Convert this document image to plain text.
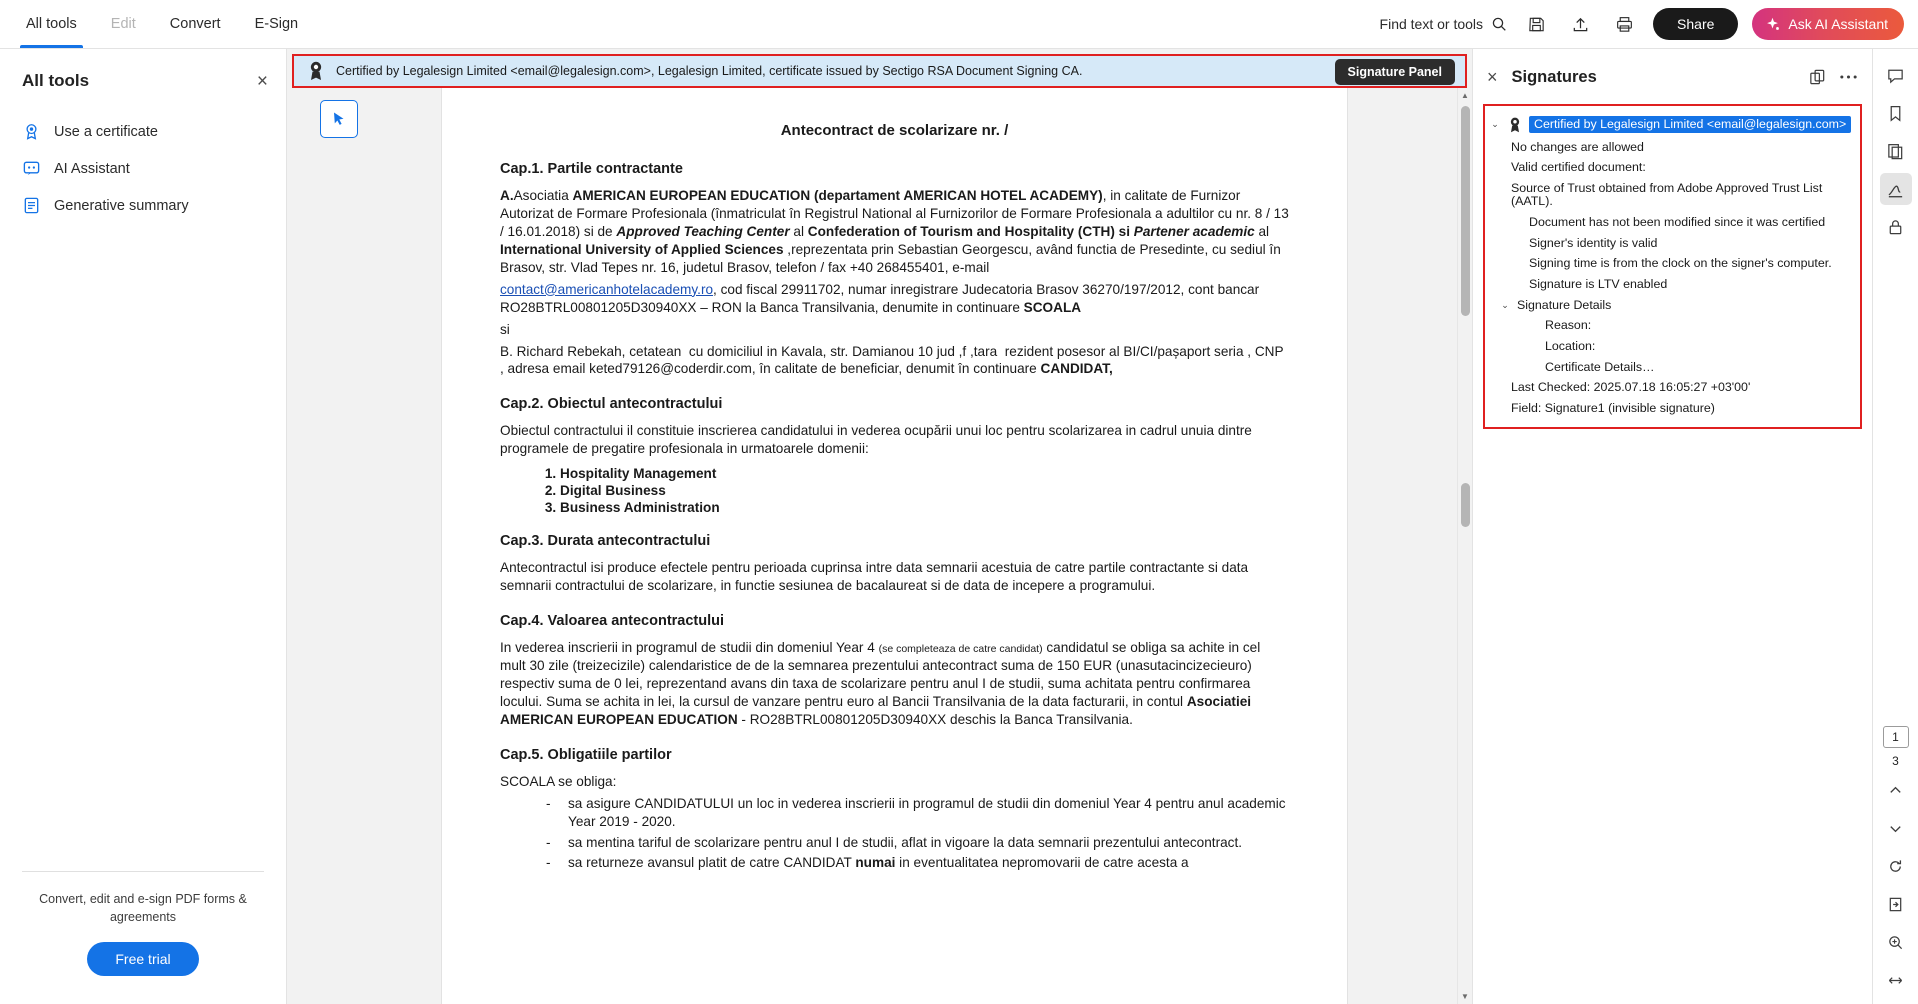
All tools Edit Convert E-Sign	Find text or tools	Share	Ask AI Assistant
All tools	×
Use a certificate
AI Assistant
Generative summary
Convert, edit and e-sign PDF forms & agreements
Free trial
Certified by Legalesign Limited <email@legalesign.com>, Legalesign Limited, certificate issued by Sectigo RSA Document Signing CA.	Signature Panel
Antecontract de scolarizare nr. /
Cap.1. Partile contractante

A.Asociatia AMERICAN EUROPEAN EDUCATION (departament AMERICAN HOTEL ACADEMY), in calitate de Furnizor Autorizat de Formare Profesionala (înmatriculat în Registrul National al Furnizorilor de Formare Profesionala a adultilor cu nr. 8 / 13 / 16.01.2018) si de Approved Teaching Center al Confederation of Tourism and Hospitality (CTH) si Partener academic al International University of Applied Sciences ,reprezentata prin Sebastian Georgescu, având functia de Presedinte, cu sediul în Brasov, str. Vlad Tepes nr. 16, judetul Brasov, telefon / fax +40 268455401, e-mail

contact@americanhotelacademy.ro, cod fiscal 29911702, numar inregistrare Judecatoria Brasov 36270/197/2012, cont bancar RO28BTRL00801205D30940XX – RON la Banca Transilvania, denumite in continuare SCOALA

si

B. Richard Rebekah, cetatean  cu domiciliul in Kavala, str. Damianou 10 jud ,f ,tara  rezident posesor al BI/CI/pașaport seria , CNP , adresa email keted79126@coderdir.com, în calitate de beneficiar, denumit în continuare CANDIDAT,

Cap.2. Obiectul antecontractului

Obiectul contractului il constituie inscrierea candidatului in vederea ocupării unui loc pentru scolarizarea in cadrul unuia dintre programele de pregatire profesionala in urmatoarele domenii:

1. Hospitality Management
2. Digital Business
3. Business Administration
Cap.3. Durata antecontractului

Antecontractul isi produce efectele pentru perioada cuprinsa intre data semnarii acestuia de catre partile contractante si data semnarii contractului de scolarizare, in functie sesiunea de bacalaureat si de data de incepere a programului.

Cap.4. Valoarea antecontractului

In vederea inscrierii in programul de studii din domeniul Year 4 (se completeaza de catre candidat) candidatul se obliga sa achite in cel mult 30 zile (treizecizile) calendaristice de de la semnarea prezentului antecontract suma de 150 EUR (unasutacincizecieuro) respectiv suma de 0 lei, reprezentand avans din taxa de scolarizare pentru anul I de studii, suma achitata pentru confirmarea locului. Suma se achita in lei, la cursul de vanzare pentru euro al Bancii Transilvania de la data facturarii, in contul Asociatiei AMERICAN EUROPEAN EDUCATION - RO28BTRL00801205D30940XX deschis la Banca Transilvania.

Cap.5. Obligatiile partilor

SCOALA se obliga:

- sa asigure CANDIDATULUI un loc in vederea inscrierii in programul de studii din domeniul Year 4 pentru anul academic Year 2019 - 2020.
- sa mentina tariful de scolarizare pentru anul I de studii, aflat in vigoare la data semnarii prezentului antecontract.
- sa returneze avansul platit de catre CANDIDAT numai in eventualitatea nepromovarii de catre acesta a
▲
▼
× Signatures
⌄	Certified by Legalesign Limited <email@legalesign.com>
No changes are allowed
Valid certified document:
Source of Trust obtained from Adobe Approved Trust List (AATL).
Document has not been modified since it was certified
Signer's identity is valid
Signing time is from the clock on the signer's computer.
Signature is LTV enabled
⌄ Signature Details
Reason:
Location:
Certificate Details…
Last Checked: 2025.07.18 16:05:27 +03'00'
Field: Signature1 (invisible signature)
1
3
